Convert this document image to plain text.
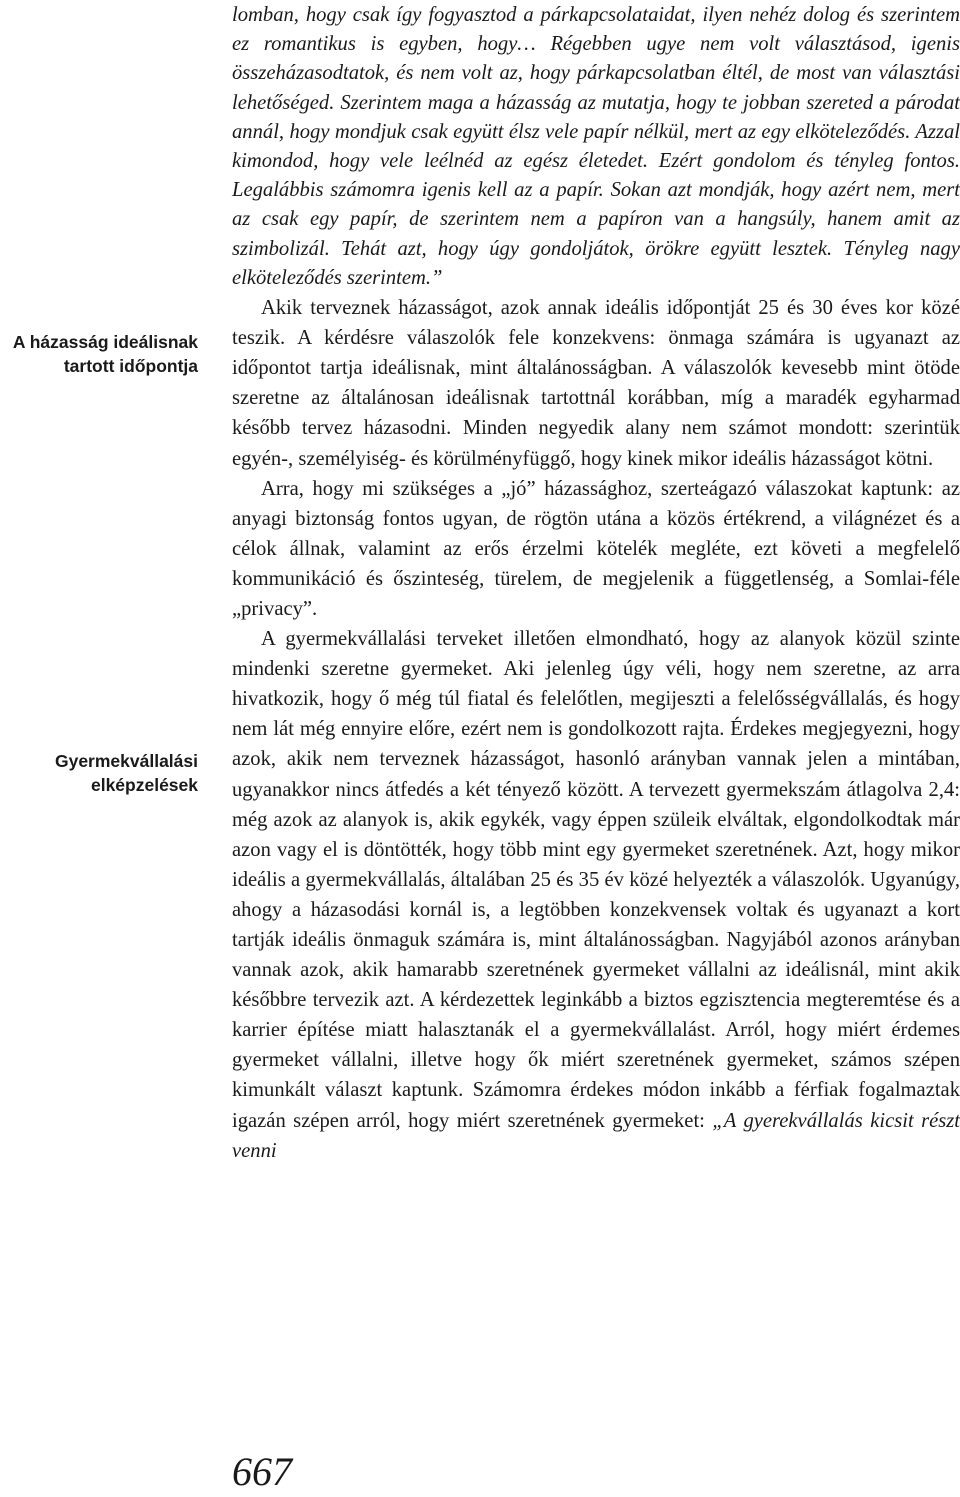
A házasság ideálisnak tartott időpontja
Gyermekvállalási elképzelések

lomban, hogy csak így fogyasztod a párkapcsolataidat, ilyen nehéz dolog és szerintem ez romantikus is egyben, hogy… Régebben ugye nem volt választásod, igenis összeházasodtatok, és nem volt az, hogy párkapcsolatban éltél, de most van választási lehetőséged. Szerintem maga a házasság az mutatja, hogy te jobban szereted a párodat annál, hogy mondjuk csak együtt élsz vele papír nélkül, mert az egy elköteleződés. Azzal kimondod, hogy vele leélnéd az egész életedet. Ezért gondolom és tényleg fontos. Legalábbis számomra igenis kell az a papír. Sokan azt mondják, hogy azért nem, mert az csak egy papír, de szerintem nem a papíron van a hangsúly, hanem amit az szimbolizál. Tehát azt, hogy úgy gondoljátok, örökre együtt lesztek. Tényleg nagy elköteleződés szerintem.”

Akik terveznek házasságot, azok annak ideális időpontját 25 és 30 éves kor közé teszik. A kérdésre válaszolók fele konzekvens: önmaga számára is ugyanazt az időpontot tartja ideálisnak, mint általánosságban. A válaszolók kevesebb mint ötöde szeretne az általánosan ideálisnak tartottnál korábban, míg a maradék egyharmad később tervez házasodni. Minden negyedik alany nem számot mondott: szerintük egyén-, személyiség- és körülményfüggő, hogy kinek mikor ideális házasságot kötni.

Arra, hogy mi szükséges a „jó” házassághoz, szerteágazó válaszokat kaptunk: az anyagi biztonság fontos ugyan, de rögtön utána a közös értékrend, a világnézet és a célok állnak, valamint az erős érzelmi kötelék megléte, ezt követi a megfelelő kommunikáció és őszinteség, türelem, de megjelenik a függetlenség, a Somlai-féle „privacy”.

A gyermekvállalási terveket illetően elmondható, hogy az alanyok közül szinte mindenki szeretne gyermeket. Aki jelenleg úgy véli, hogy nem szeretne, az arra hivatkozik, hogy ő még túl fiatal és felelőtlen, megijeszti a felelősségvállalás, és hogy nem lát még ennyire előre, ezért nem is gondolkozott rajta. Érdekes megjegyezni, hogy azok, akik nem terveznek házasságot, hasonló arányban vannak jelen a mintában, ugyanakkor nincs átfedés a két tényező között. A tervezett gyermekszám átlagolva 2,4: még azok az alanyok is, akik egykék, vagy éppen szüleik elváltak, elgondolkodtak már azon vagy el is döntötték, hogy több mint egy gyermeket szeretnének. Azt, hogy mikor ideális a gyermekvállalás, általában 25 és 35 év közé helyezték a válaszolók. Ugyanúgy, ahogy a házasodási kornál is, a legtöbben konzekvensek voltak és ugyanazt a kort tartják ideális önmaguk számára is, mint általánosságban. Nagyjából azonos arányban vannak azok, akik hamarabb szeretnének gyermeket vállalni az ideálisnál, mint akik későbbre tervezik azt. A kérdezettek leginkább a biztos egzisztencia megteremtése és a karrier építése miatt halasztanák el a gyermekvállalást. Arról, hogy miért érdemes gyermeket vállalni, illetve hogy ők miért szeretnének gyermeket, számos szépen kimunkált választ kaptunk. Számomra érdekes módon inkább a férfiak fogalmaztak igazán szépen arról, hogy miért szeretnének gyermeket: „A gyerekvállalás kicsit részt venni

667
